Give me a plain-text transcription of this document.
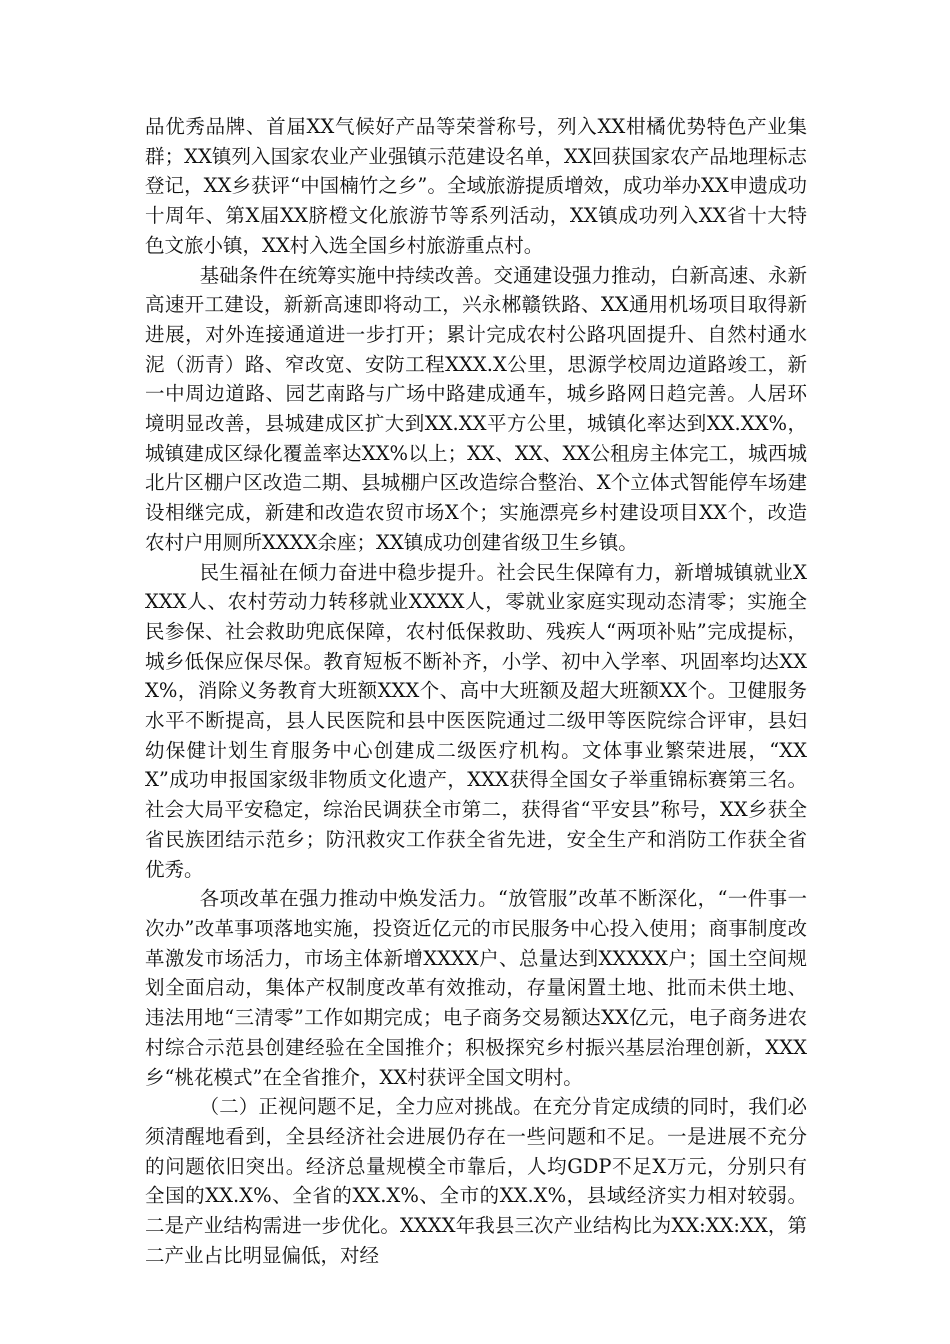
品优秀品牌、首届XX气候好产品等荣誉称号，列入XX柑橘优势特色产业集群；XX镇列入国家农业产业强镇示范建设名单，XX回获国家农产品地理标志登记，XX乡获评“中国楠竹之乡”。全域旅游提质增效，成功举办XX申遗成功十周年、第X届XX脐橙文化旅游节等系列活动，XX镇成功列入XX省十大特色文旅小镇，XX村入选全国乡村旅游重点村。

基础条件在统筹实施中持续改善。交通建设强力推动，白新高速、永新高速开工建设，新新高速即将动工，兴永郴赣铁路、XX通用机场项目取得新进展，对外连接通道进一步打开；累计完成农村公路巩固提升、自然村通水泥（沥青）路、窄改宽、安防工程XXX.X公里，思源学校周边道路竣工，新一中周边道路、园艺南路与广场中路建成通车，城乡路网日趋完善。人居环境明显改善，县城建成区扩大到XX.XX平方公里，城镇化率达到XX.XX%，城镇建成区绿化覆盖率达XX%以上；XX、XX、XX公租房主体完工，城西城北片区棚户区改造二期、县城棚户区改造综合整治、X个立体式智能停车场建设相继完成，新建和改造农贸市场X个；实施漂亮乡村建设项目XX个，改造农村户用厕所XXXX余座；XX镇成功创建省级卫生乡镇。

民生福祉在倾力奋进中稳步提升。社会民生保障有力，新增城镇就业XXXX人、农村劳动力转移就业XXXX人，零就业家庭实现动态清零；实施全民参保、社会救助兜底保障，农村低保救助、残疾人“两项补贴”完成提标，城乡低保应保尽保。教育短板不断补齐，小学、初中入学率、巩固率均达XXX%，消除义务教育大班额XXX个、高中大班额及超大班额XX个。卫健服务水平不断提高，县人民医院和县中医医院通过二级甲等医院综合评审，县妇幼保健计划生育服务中心创建成二级医疗机构。文体事业繁荣进展，“XXX”成功申报国家级非物质文化遗产，XXX获得全国女子举重锦标赛第三名。社会大局平安稳定，综治民调获全市第二，获得省“平安县”称号，XX乡获全省民族团结示范乡；防汛救灾工作获全省先进，安全生产和消防工作获全省优秀。

各项改革在强力推动中焕发活力。“放管服”改革不断深化，“一件事一次办”改革事项落地实施，投资近亿元的市民服务中心投入使用；商事制度改革激发市场活力，市场主体新增XXXX户、总量达到XXXXX户；国土空间规划全面启动，集体产权制度改革有效推动，存量闲置土地、批而未供土地、违法用地“三清零”工作如期完成；电子商务交易额达XX亿元，电子商务进农村综合示范县创建经验在全国推介；积极探究乡村振兴基层治理创新，XXX乡“桃花模式”在全省推介，XX村获评全国文明村。

（二）正视问题不足，全力应对挑战。在充分肯定成绩的同时，我们必须清醒地看到，全县经济社会进展仍存在一些问题和不足。一是进展不充分的问题依旧突出。经济总量规模全市靠后，人均GDP不足X万元，分别只有全国的XX.X%、全省的XX.X%、全市的XX.X%，县域经济实力相对较弱。二是产业结构需进一步优化。XXXX年我县三次产业结构比为XX:XX:XX，第二产业占比明显偏低，对经
